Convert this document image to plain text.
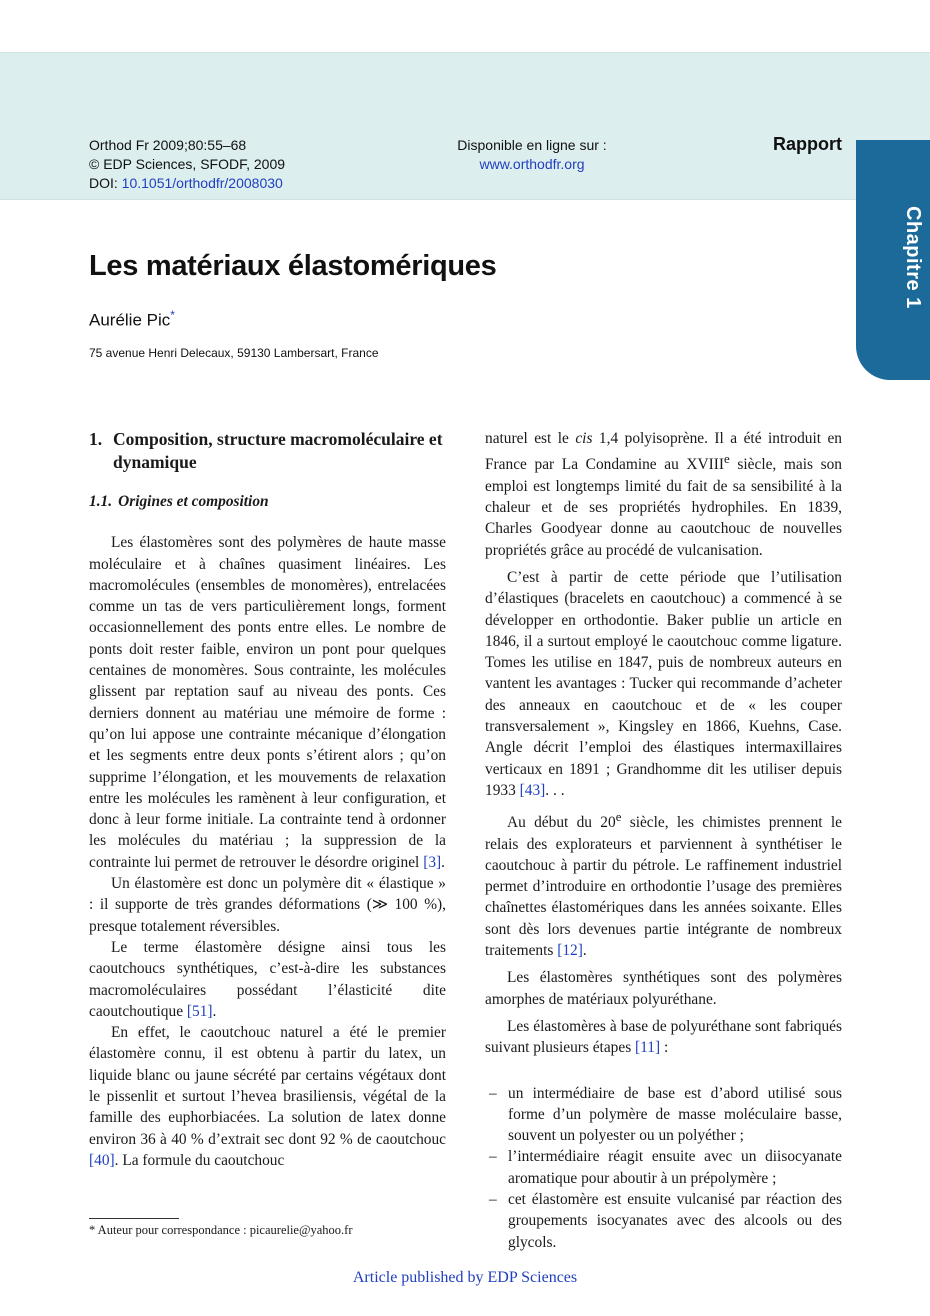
Orthod Fr 2009;80:55–68
© EDP Sciences, SFODF, 2009
DOI: 10.1051/orthodfr/2008030
Disponible en ligne sur :
www.orthodfr.org
Rapport
Chapitre 1
Les matériaux élastomériques
Aurélie Pic*
75 avenue Henri Delecaux, 59130 Lambersart, France
1. Composition, structure macromoléculaire et dynamique
1.1. Origines et composition

Les élastomères sont des polymères de haute masse moléculaire et à chaînes quasiment linéaires. Les macromolécules (ensembles de monomères), entrelacées comme un tas de vers particulièrement longs, forment occasionnellement des ponts entre elles. Le nombre de ponts doit rester faible, environ un pont pour quelques centaines de monomères. Sous contrainte, les molécules glissent par reptation sauf au niveau des ponts. Ces derniers donnent au matériau une mémoire de forme : qu’on lui appose une contrainte mécanique d’élongation et les segments entre deux ponts s’étirent alors ; qu’on supprime l’élongation, et les mouvements de relaxation entre les molécules les ramènent à leur configuration, et donc à leur forme initiale. La contrainte tend à ordonner les molécules du matériau ; la suppression de la contrainte lui permet de retrouver le désordre originel [3].

Un élastomère est donc un polymère dit « élastique » : il supporte de très grandes déformations (≫ 100 %), presque totalement réversibles.

Le terme élastomère désigne ainsi tous les caoutchoucs synthétiques, c’est-à-dire les substances macromoléculaires possédant l’élasticité dite caoutchoutique [51].

En effet, le caoutchouc naturel a été le premier élastomère connu, il est obtenu à partir du latex, un liquide blanc ou jaune sécrété par certains végétaux dont le pissenlit et surtout l’hevea brasiliensis, végétal de la famille des euphorbiacées. La solution de latex donne environ 36 à 40 % d’extrait sec dont 92 % de caoutchouc [40]. La formule du caoutchouc

naturel est le cis 1,4 polyisoprène. Il a été introduit en France par La Condamine au XVIIIe siècle, mais son emploi est longtemps limité du fait de sa sensibilité à la chaleur et de ses propriétés hydrophiles. En 1839, Charles Goodyear donne au caoutchouc de nouvelles propriétés grâce au procédé de vulcanisation.

C’est à partir de cette période que l’utilisation d’élastiques (bracelets en caoutchouc) a commencé à se développer en orthodontie. Baker publie un article en 1846, il a surtout employé le caoutchouc comme ligature. Tomes les utilise en 1847, puis de nombreux auteurs en vantent les avantages : Tucker qui recommande d’acheter des anneaux en caoutchouc et de « les couper transversalement », Kingsley en 1866, Kuehns, Case. Angle décrit l’emploi des élastiques intermaxillaires verticaux en 1891 ; Grandhomme dit les utiliser depuis 1933 [43]. . .

Au début du 20e siècle, les chimistes prennent le relais des explorateurs et parviennent à synthétiser le caoutchouc à partir du pétrole. Le raffinement industriel permet d’introduire en orthodontie l’usage des premières chaînettes élastomériques dans les années soixante. Elles sont dès lors devenues partie intégrante de nombreux traitements [12].

Les élastomères synthétiques sont des polymères amorphes de matériaux polyuréthane.

Les élastomères à base de polyuréthane sont fabriqués suivant plusieurs étapes [11] :

– un intermédiaire de base est d’abord utilisé sous forme d’un polymère de masse moléculaire basse, souvent un polyester ou un polyéther ;
– l’intermédiaire réagit ensuite avec un diisocyanate aromatique pour aboutir à un prépolymère ;
– cet élastomère est ensuite vulcanisé par réaction des groupements isocyanates avec des alcools ou des glycols.
* Auteur pour correspondance : picaurelie@yahoo.fr
Article published by EDP Sciences
